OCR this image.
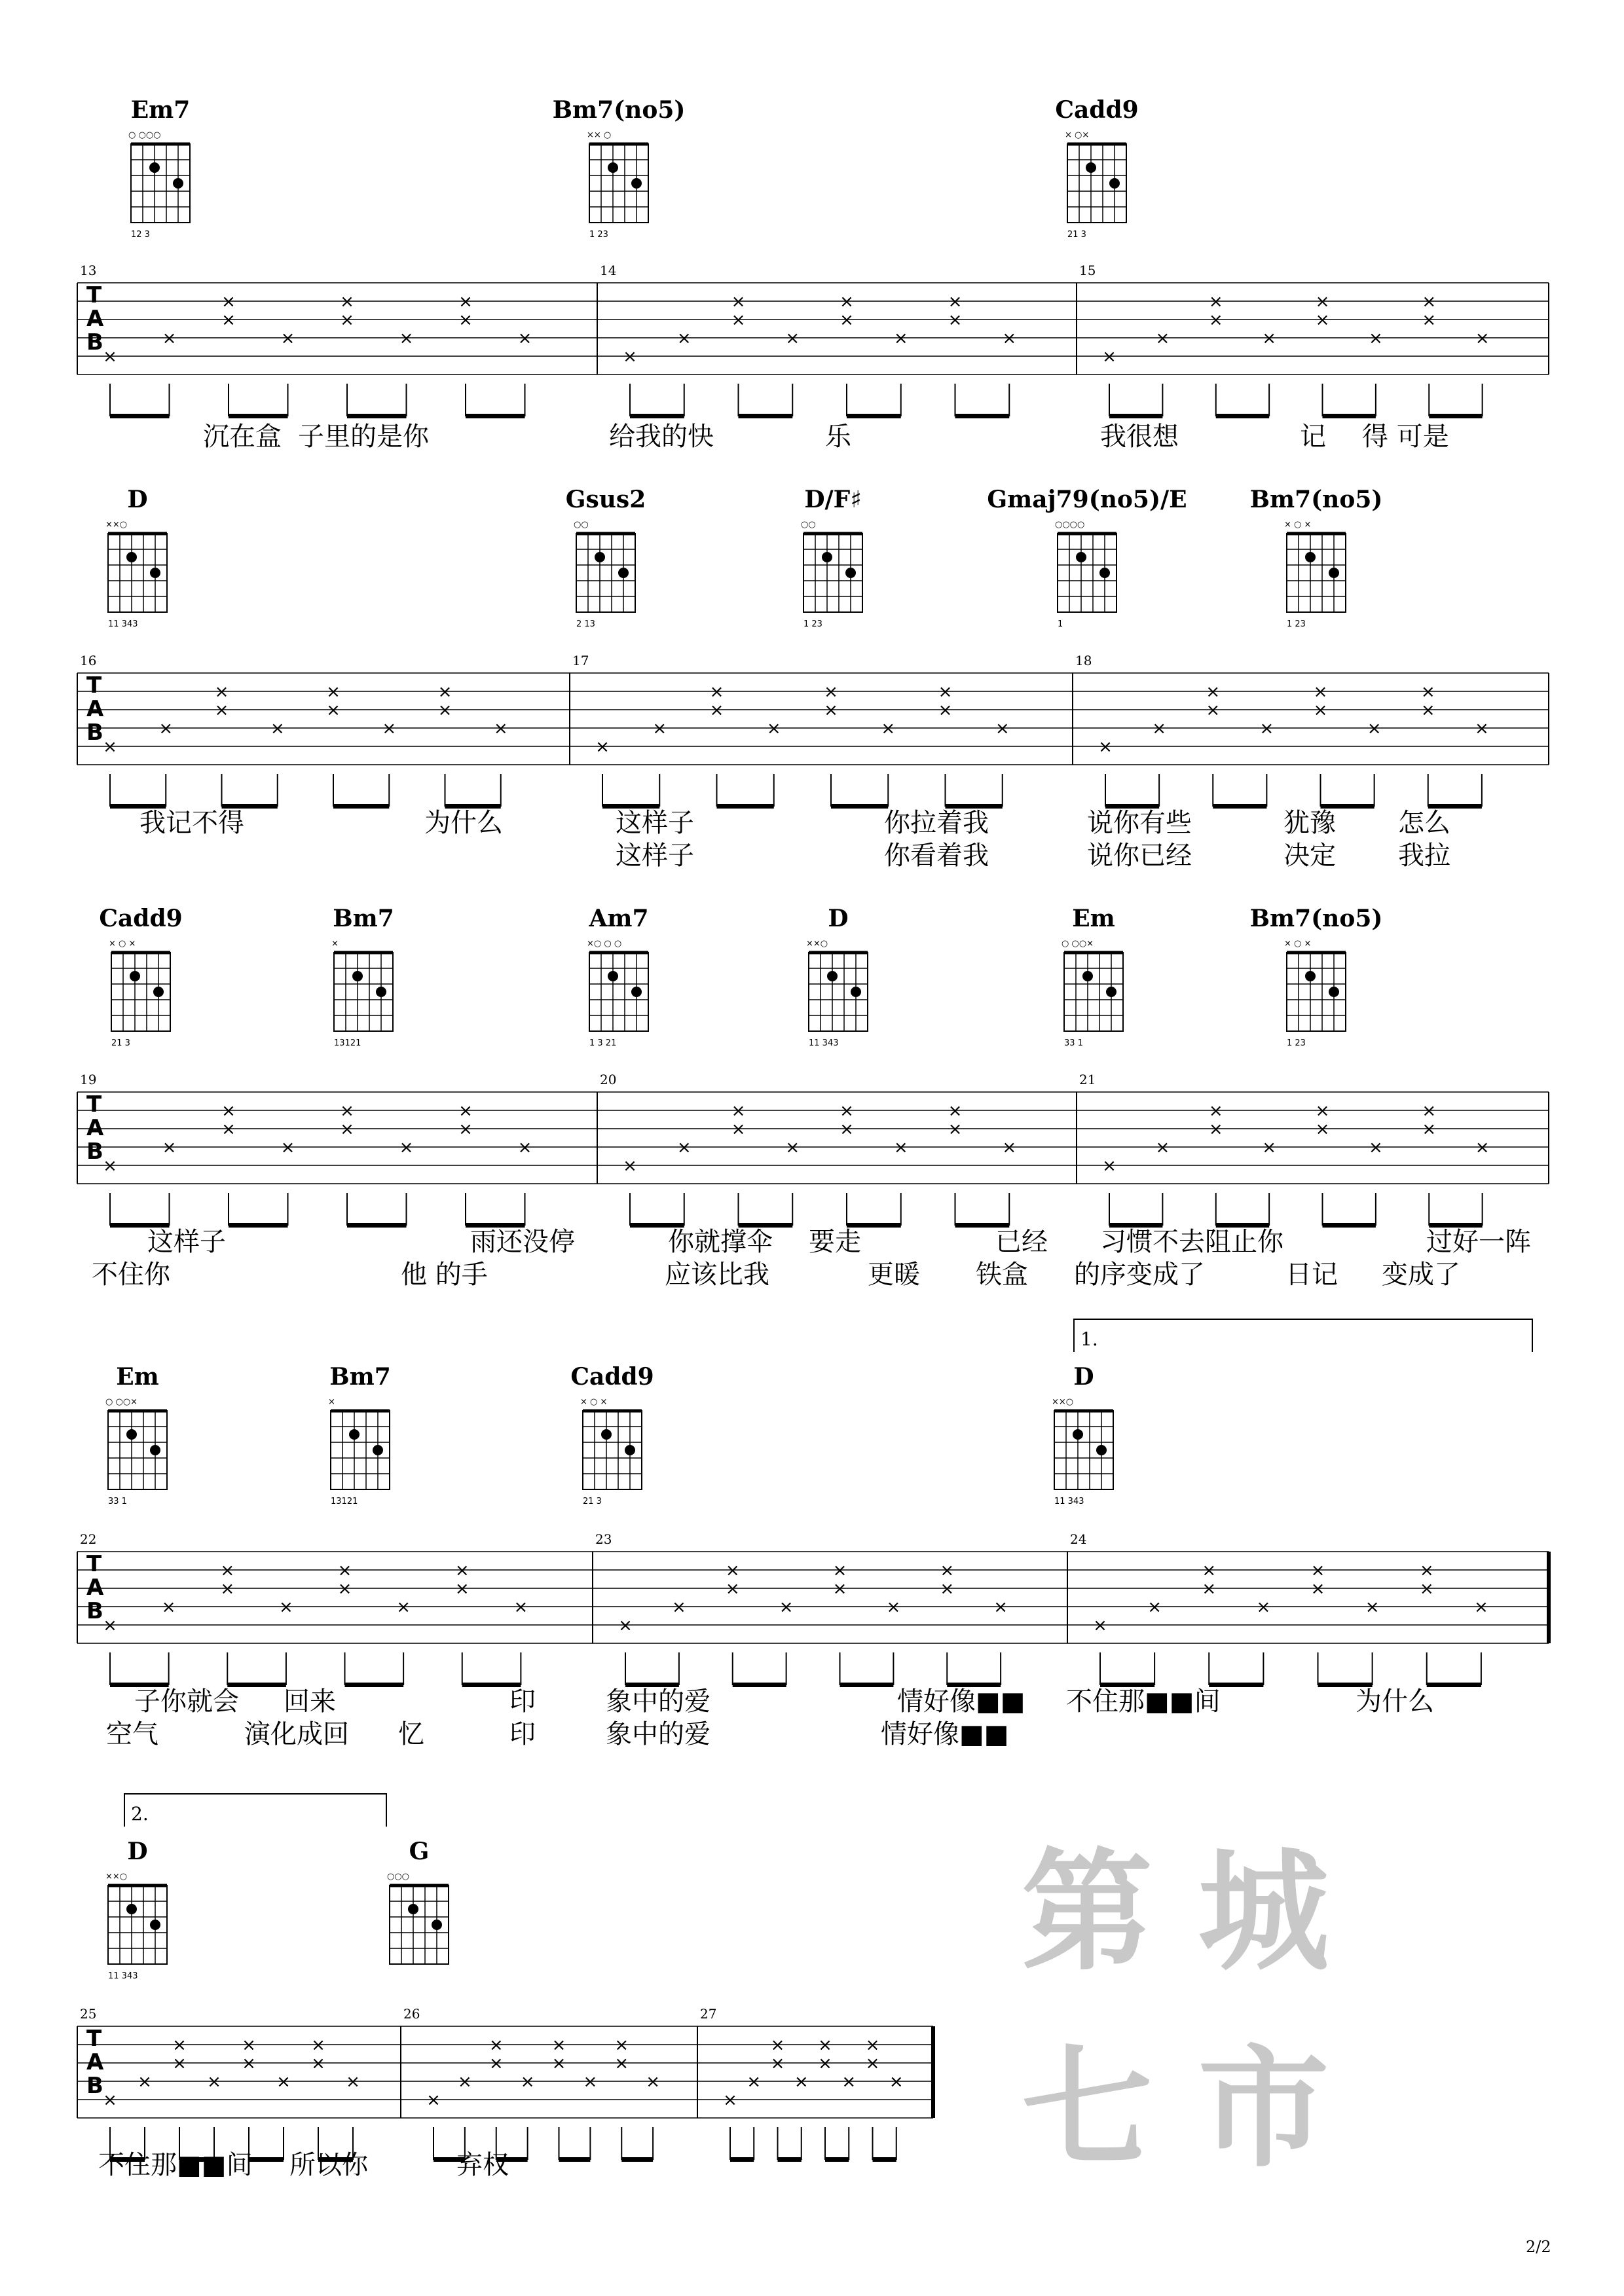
Em7
○ ○○○
12 3
Bm7(no5)
×× ○
1 23
Cadd9
× ○×
21 3
T
A
B
13	14	15
×
×
×
×
×
×
×
×
×
×
×
×
×
×
×
×
×
×
×
×
×
×
×
×
×
×
×
×
×
×
×
×
×
沉在盒 子里的是你	给我的快	乐	我很想	记 得 可是
D
××○
11 343
Gsus2
○○
2 13
D/F♯
○○
1 23
Gmaj79(no5)/E
○○○○
1
Bm7(no5)
× ○ ×
1 23
T
A
B
16	17	18
×
×
×
×
×
×
×
×
×
×
×
×
×
×
×
×
×
×
×
×
×
×
×
×
×
×
×
×
×
×
×
×
×
我记不得	为什么	这样子	你拉着我	说你有些	犹豫 怎么
这样子	你看着我	说你已经	决定 我拉
Cadd9
× ○ ×
21 3
Bm7
×
13121
Am7
×○ ○ ○
1 3 21
D
××○
11 343
Em
○ ○○×
33 1
Bm7(no5)
× ○ ×
1 23
T
A
B
19	20	21
×
×
×
×
×
×
×
×
×
×
×
×
×
×
×
×
×
×
×
×
×
×
×
×
×
×
×
×
×
×
×
×
×
这样子	雨还没停	你就撑伞 要走	已经 习惯不去阻止你	过好一阵
不住你	他 的手	应该比我	更暖 铁盒 的序变成了	日记 变成了
Em
○ ○○×
33 1
Bm7
×
13121
Cadd9
× ○ ×
21 3
D
××○
11 343
T
A
B
22	23	24
×
×
×
×
×
×
×
×
×
×
×
×
×
×
×
×
×
×
×
×
×
×
×
×
×
×
×
×
×
×
×
×
×
1.
子你就会 回来	印	象中的爱	情好像■■ 不住那■■间	为什么
空气	演化成回 忆	印	象中的爱	情好像■■
D
××○
11 343
G
○○○
T
A
B
25	26	27
×
×
×
×
×
×
×
×
×
×
×
×
×
×
×
×
×
×
×
×
×
×
×
×
×
×
×
×
×
×
×
×
×
2.
不住那■■间 所以你	弃权
第 城
七 市
2/2
